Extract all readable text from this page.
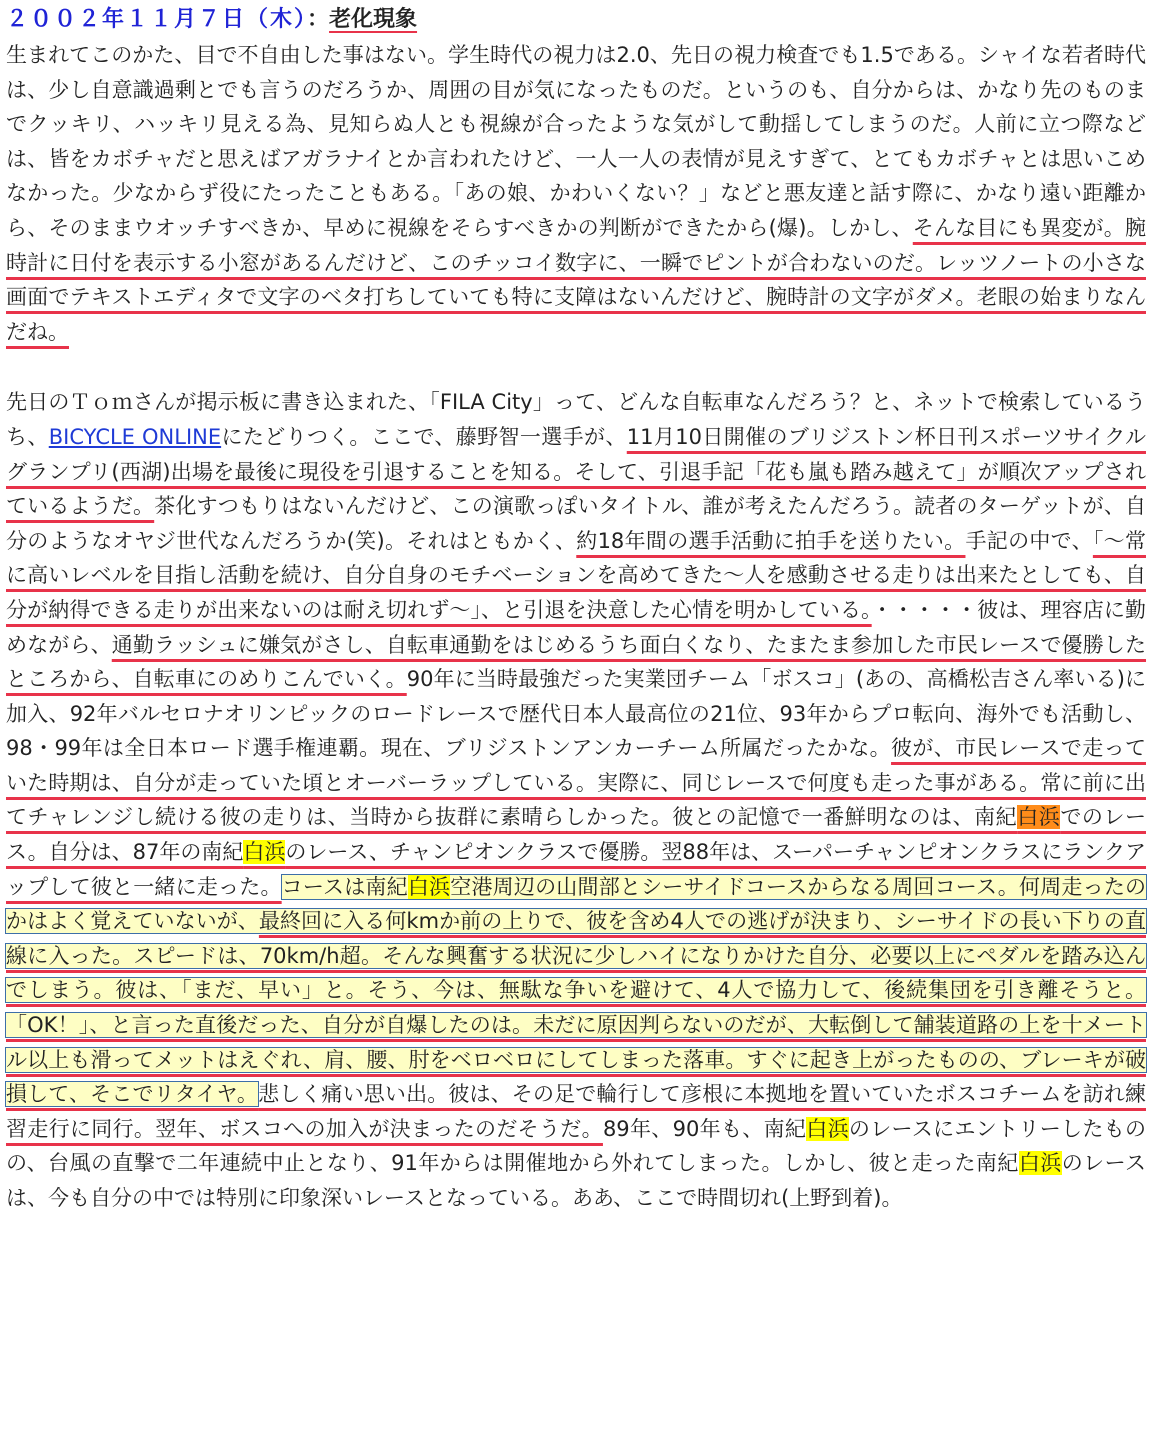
２００２年１１月７日（木）：老化現象

生まれてこのかた、目で不自由した事はない。学生時代の視力は2.0、先日の視力検査でも1.5である。シャイな若者時代は、少し自意識過剰とでも言うのだろうか、周囲の目が気になったものだ。というのも、自分からは、かなり先のものまでクッキリ、ハッキリ見える為、見知らぬ人とも視線が合ったような気がして動揺してしまうのだ。人前に立つ際などは、皆をカボチャだと思えばアガラナイとか言われたけど、一人一人の表情が見えすぎて、とてもカボチャとは思いこめなかった。少なからず役にたったこともある。「あの娘、かわいくない？」などと悪友達と話す際に、かなり遠い距離から、そのままウオッチすべきか、早めに視線をそらすべきかの判断ができたから(爆)。しかし、そんな目にも異変が。腕時計に日付を表示する小窓があるんだけど、このチッコイ数字に、一瞬でピントが合わないのだ。レッツノートの小さな画面でテキストエディタで文字のベタ打ちしていても特に支障はないんだけど、腕時計の文字がダメ。老眼の始まりなんだね。

先日のＴｏｍさんが掲示板に書き込まれた、「FILA City」って、どんな自転車なんだろう？と、ネットで検索しているうち、BICYCLE ONLINEにたどりつく。ここで、藤野智一選手が、11月10日開催のブリジストン杯日刊スポーツサイクルグランプリ(西湖)出場を最後に現役を引退することを知る。そして、引退手記「花も嵐も踏み越えて」が順次アップされているようだ。茶化すつもりはないんだけど、この演歌っぽいタイトル、誰が考えたんだろう。読者のターゲットが、自分のようなオヤジ世代なんだろうか(笑)。それはともかく、約18年間の選手活動に拍手を送りたい。手記の中で、「～常に高いレベルを目指し活動を続け、自分自身のモチベーションを高めてきた～人を感動させる走りは出来たとしても、自分が納得できる走りが出来ないのは耐え切れず～」、と引退を決意した心情を明かしている。・・・・・彼は、理容店に勤めながら、通勤ラッシュに嫌気がさし、自転車通勤をはじめるうち面白くなり、たまたま参加した市民レースで優勝したところから、自転車にのめりこんでいく。90年に当時最強だった実業団チーム「ボスコ」(あの、高橋松吉さん率いる)に加入、92年バルセロナオリンピックのロードレースで歴代日本人最高位の21位、93年からプロ転向、海外でも活動し、98・99年は全日本ロード選手権連覇。現在、ブリジストンアンカーチーム所属だったかな。彼が、市民レースで走っていた時期は、自分が走っていた頃とオーバーラップしている。実際に、同じレースで何度も走った事がある。常に前に出てチャレンジし続ける彼の走りは、当時から抜群に素晴らしかった。彼との記憶で一番鮮明なのは、南紀白浜でのレース。自分は、87年の南紀白浜のレース、チャンピオンクラスで優勝。翌88年は、スーパーチャンピオンクラスにランクアップして彼と一緒に走った。コースは南紀白浜空港周辺の山間部とシーサイドコースからなる周回コース。何周走ったのかはよく覚えていないが、最終回に入る何kmか前の上りで、彼を含め4人での逃げが決まり、シーサイドの長い下りの直線に入った。スピードは、70km/h超。そんな興奮する状況に少しハイになりかけた自分、必要以上にペダルを踏み込んでしまう。彼は、「まだ、早い」と。そう、今は、無駄な争いを避けて、4人で協力して、後続集団を引き離そうと。「OK！」、と言った直後だった、自分が自爆したのは。未だに原因判らないのだが、大転倒して舗装道路の上を十メートル以上も滑ってメットはえぐれ、肩、腰、肘をベロベロにしてしまった落車。すぐに起き上がったものの、ブレーキが破損して、そこでリタイヤ。悲しく痛い思い出。彼は、その足で輪行して彦根に本拠地を置いていたボスコチームを訪れ練習走行に同行。翌年、ボスコへの加入が決まったのだそうだ。89年、90年も、南紀白浜のレースにエントリーしたものの、台風の直撃で二年連続中止となり、91年からは開催地から外れてしまった。しかし、彼と走った南紀白浜のレースは、今も自分の中では特別に印象深いレースとなっている。ああ、ここで時間切れ(上野到着)。
